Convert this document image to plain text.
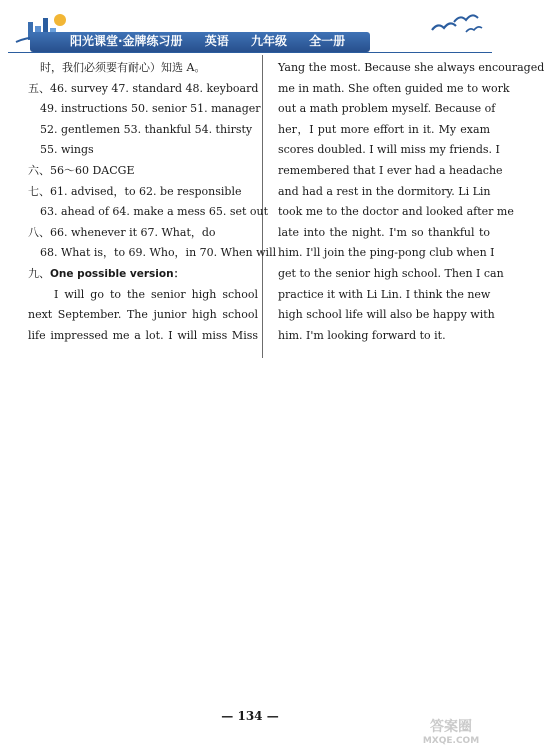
阳光课堂·金牌练习册 英语 九年级 全一册
时，我们必须要有耐心）知选 A。
五、46. survey 47. standard 48. keyboard
49. instructions 50. senior 51. manager
52. gentlemen 53. thankful 54. thirsty
55. wings
六、56～60 DACGE
七、61. advised，to 62. be responsible
63. ahead of 64. make a mess 65. set out
八、66. whenever it 67. What，do
68. What is，to 69. Who，in 70. When will
九、One possible version：
I will go to the senior high school
next September. The junior high school
life impressed me a lot. I will miss Miss
Yang the most. Because she always encouraged
me in math. She often guided me to work
out a math problem myself. Because of
her，I put more effort in it. My exam
scores doubled. I will miss my friends. I
remembered that I ever had a headache
and had a rest in the dormitory. Li Lin
took me to the doctor and looked after me
late into the night. I'm so thankful to
him. I'll join the ping-pong club when I
get to the senior high school. Then I can
practice it with Li Lin. I think the new
high school life will also be happy with
him. I'm looking forward to it.
— 134 —
答案圈
MXQE.COM
